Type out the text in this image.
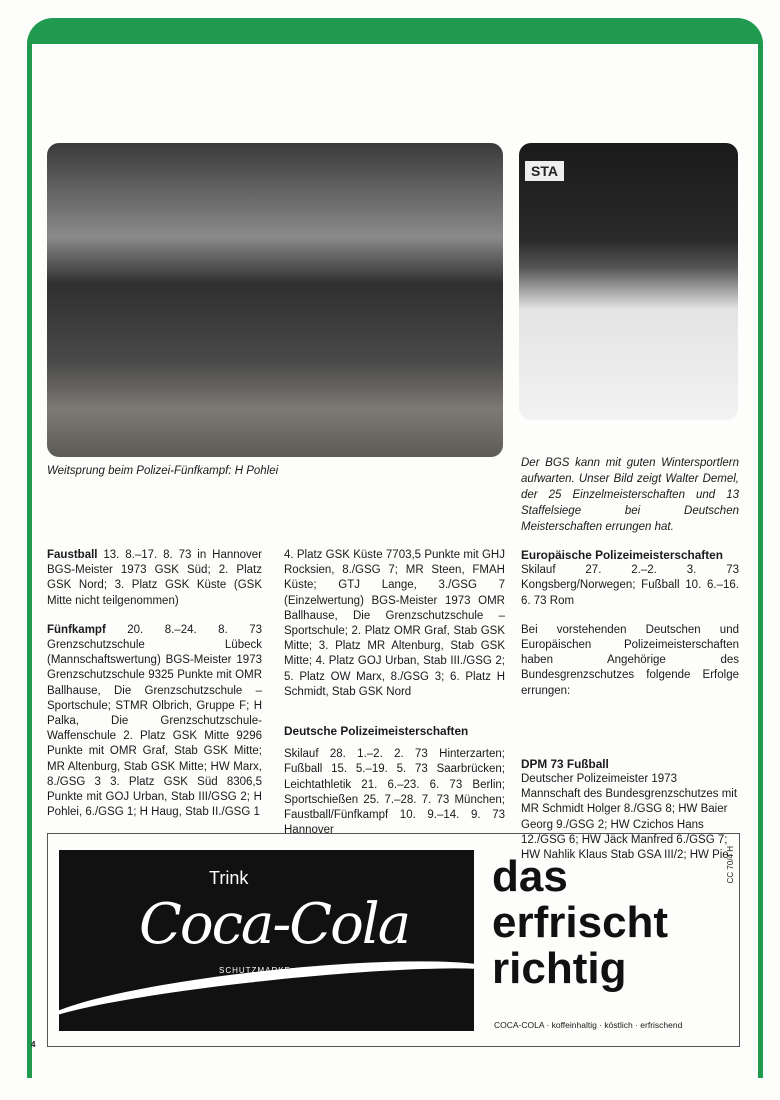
STA
Weitsprung beim Polizei-Fünfkampf: H Pohlei
Der BGS kann mit guten Wintersportlern aufwarten. Unser Bild zeigt Walter Demel, der 25 Einzelmeisterschaften und 13 Staffelsiege bei Deutschen Meisterschaften errungen hat.

Faustball 13. 8.–17. 8. 73 in Hannover BGS-Meister 1973 GSK Süd; 2. Platz GSK Nord; 3. Platz GSK Küste (GSK Mitte nicht teilgenommen)

Fünfkampf 20. 8.–24. 8. 73 Grenzschutzschule Lübeck (Mannschaftswertung) BGS-Meister 1973 Grenzschutzschule 9325 Punkte mit OMR Ballhause, Die Grenzschutzschule – Sportschule; STMR Olbrich, Gruppe F; H Palka, Die Grenzschutzschule-Waffenschule 2. Platz GSK Mitte 9296 Punkte mit OMR Graf, Stab GSK Mitte; MR Altenburg, Stab GSK Mitte; HW Marx, 8./GSG 3 3. Platz GSK Süd 8306,5 Punkte mit GOJ Urban, Stab III/GSG 2; H Pohlei, 6./GSG 1; H Haug, Stab II./GSG 1

4. Platz GSK Küste 7703,5 Punkte mit GHJ Rocksien, 8./GSG 7; MR Steen, FMAH Küste; GTJ Lange, 3./GSG 7 (Einzelwertung) BGS-Meister 1973 OMR Ballhause, Die Grenzschutzschule – Sportschule; 2. Platz OMR Graf, Stab GSK Mitte; 3. Platz MR Altenburg, Stab GSK Mitte; 4. Platz GOJ Urban, Stab III./GSG 2; 5. Platz OW Marx, 8./GSG 3; 6. Platz H Schmidt, Stab GSK Nord

Deutsche Polizeimeisterschaften

Skilauf 28. 1.–2. 2. 73 Hinterzarten; Fußball 15. 5.–19. 5. 73 Saarbrücken; Leichtathletik 21. 6.–23. 6. 73 Berlin; Sportschießen 25. 7.–28. 7. 73 München; Faustball/Fünfkampf 10. 9.–14. 9. 73 Hannover

Europäische Polizeimeisterschaften

Skilauf 27. 2.–2. 3. 73 Kongsberg/Norwegen; Fußball 10. 6.–16. 6. 73 Rom

Bei vorstehenden Deutschen und Europäischen Polizeimeisterschaften haben Angehörige des Bundesgrenzschutzes folgende Erfolge errungen:

DPM 73 Fußball

Deutscher Polizeimeister 1973 Mannschaft des Bundesgrenzschutzes mit MR Schmidt Holger 8./GSG 8; HW Baier Georg 9./GSG 2; HW Czichos Hans 12./GSG 6; HW Jäck Manfred 6./GSG 7; HW Nahlik Klaus Stab GSA III/2; HW Pie-

Trink
Coca-Cola
SCHUTZMARKE
das
erfrischt
richtig
COCA-COLA · koffeinhaltig · köstlich · erfrischend
CC 70/4 H
4
